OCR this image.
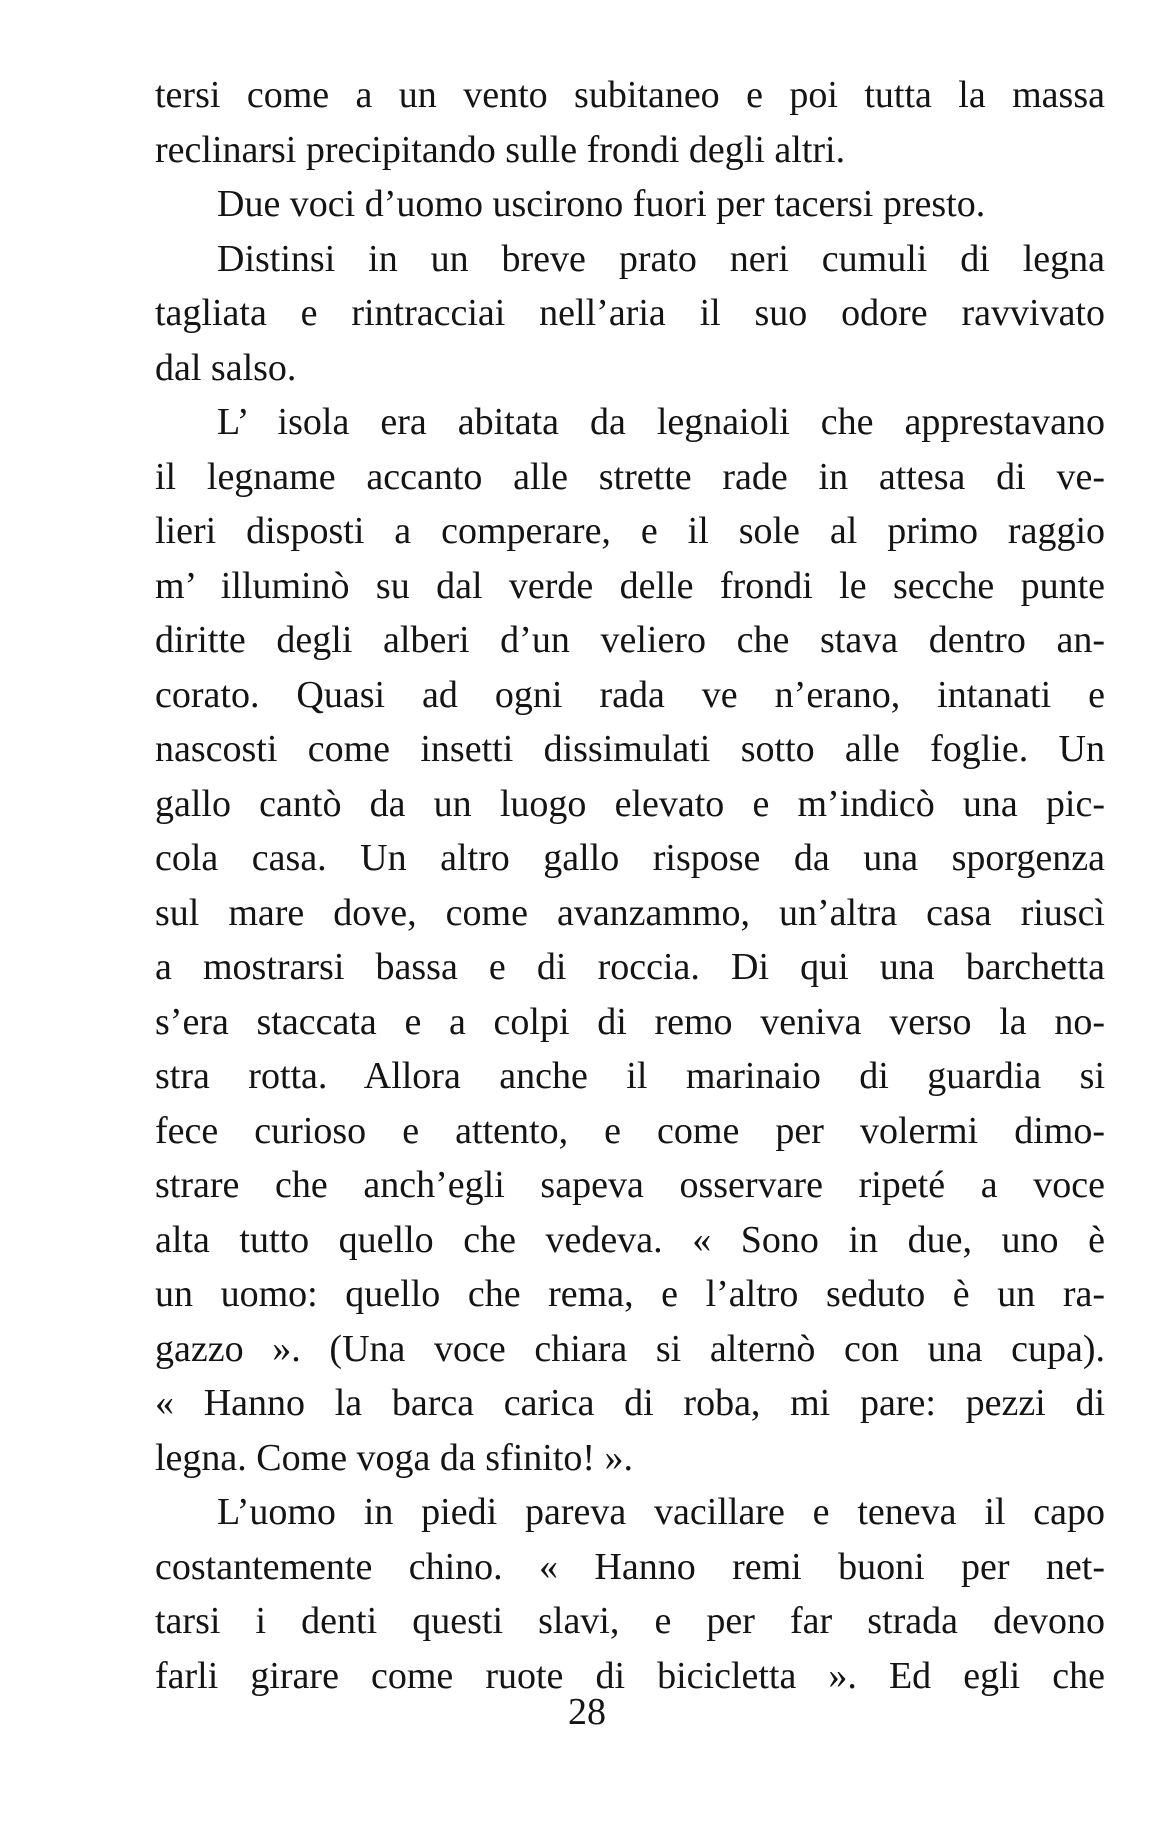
tersi come a un vento subitaneo e poi tutta la massa
reclinarsi precipitando sulle frondi degli altri.
Due voci d’uomo uscirono fuori per tacersi presto.
Distinsi in un breve prato neri cumuli di legna
tagliata e rintracciai nell’aria il suo odore ravvivato
dal salso.
L’ isola era abitata da legnaioli che apprestavano
il legname accanto alle strette rade in attesa di ve-
lieri disposti a comperare, e il sole al primo raggio
m’ illuminò su dal verde delle frondi le secche punte
diritte degli alberi d’un veliero che stava dentro an-
corato. Quasi ad ogni rada ve n’erano, intanati e
nascosti come insetti dissimulati sotto alle foglie. Un
gallo cantò da un luogo elevato e m’indicò una pic-
cola casa. Un altro gallo rispose da una sporgenza
sul mare dove, come avanzammo, un’altra casa riuscì
a mostrarsi bassa e di roccia. Di qui una barchetta
s’era staccata e a colpi di remo veniva verso la no-
stra rotta. Allora anche il marinaio di guardia si
fece curioso e attento, e come per volermi dimo-
strare che anch’egli sapeva osservare ripeté a voce
alta tutto quello che vedeva. « Sono in due, uno è
un uomo: quello che rema, e l’altro seduto è un ra-
gazzo ». (Una voce chiara si alternò con una cupa).
« Hanno la barca carica di roba, mi pare: pezzi di
legna. Come voga da sfinito! ».
L’uomo in piedi pareva vacillare e teneva il capo
costantemente chino. « Hanno remi buoni per net-
tarsi i denti questi slavi, e per far strada devono
farli girare come ruote di bicicletta ». Ed egli che
28
